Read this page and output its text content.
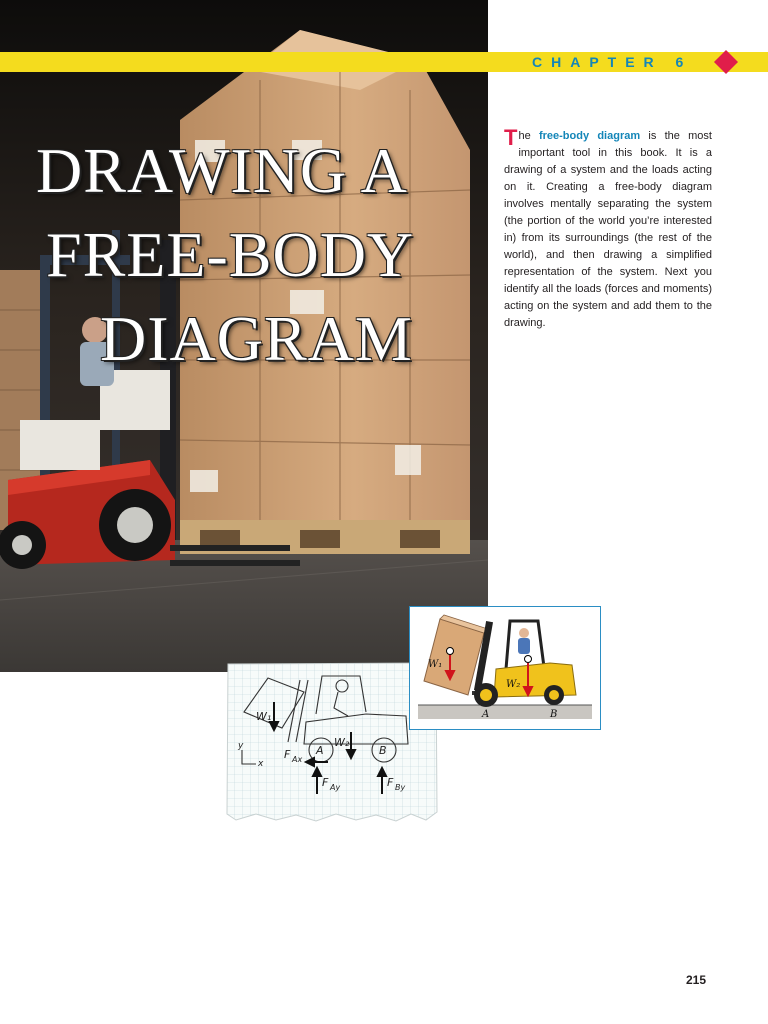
CHAPTER 6
DRAWING A
FREE-BODY
DIAGRAM
The free-body diagram is the most important tool in this book. It is a drawing of a system and the loads acting on it. Creating a free-body diagram involves mentally separating the system (the portion of the world you’re interested in) from its surroundings (the rest of the world), and then drawing a simplified representation of the system. Next you identify all the loads (forces and moments) acting on the system and add them to the drawing.
W₁
W₂
A	B
F Ax
F Ay	F By
y
x
W₁
W₂
A	B
215
